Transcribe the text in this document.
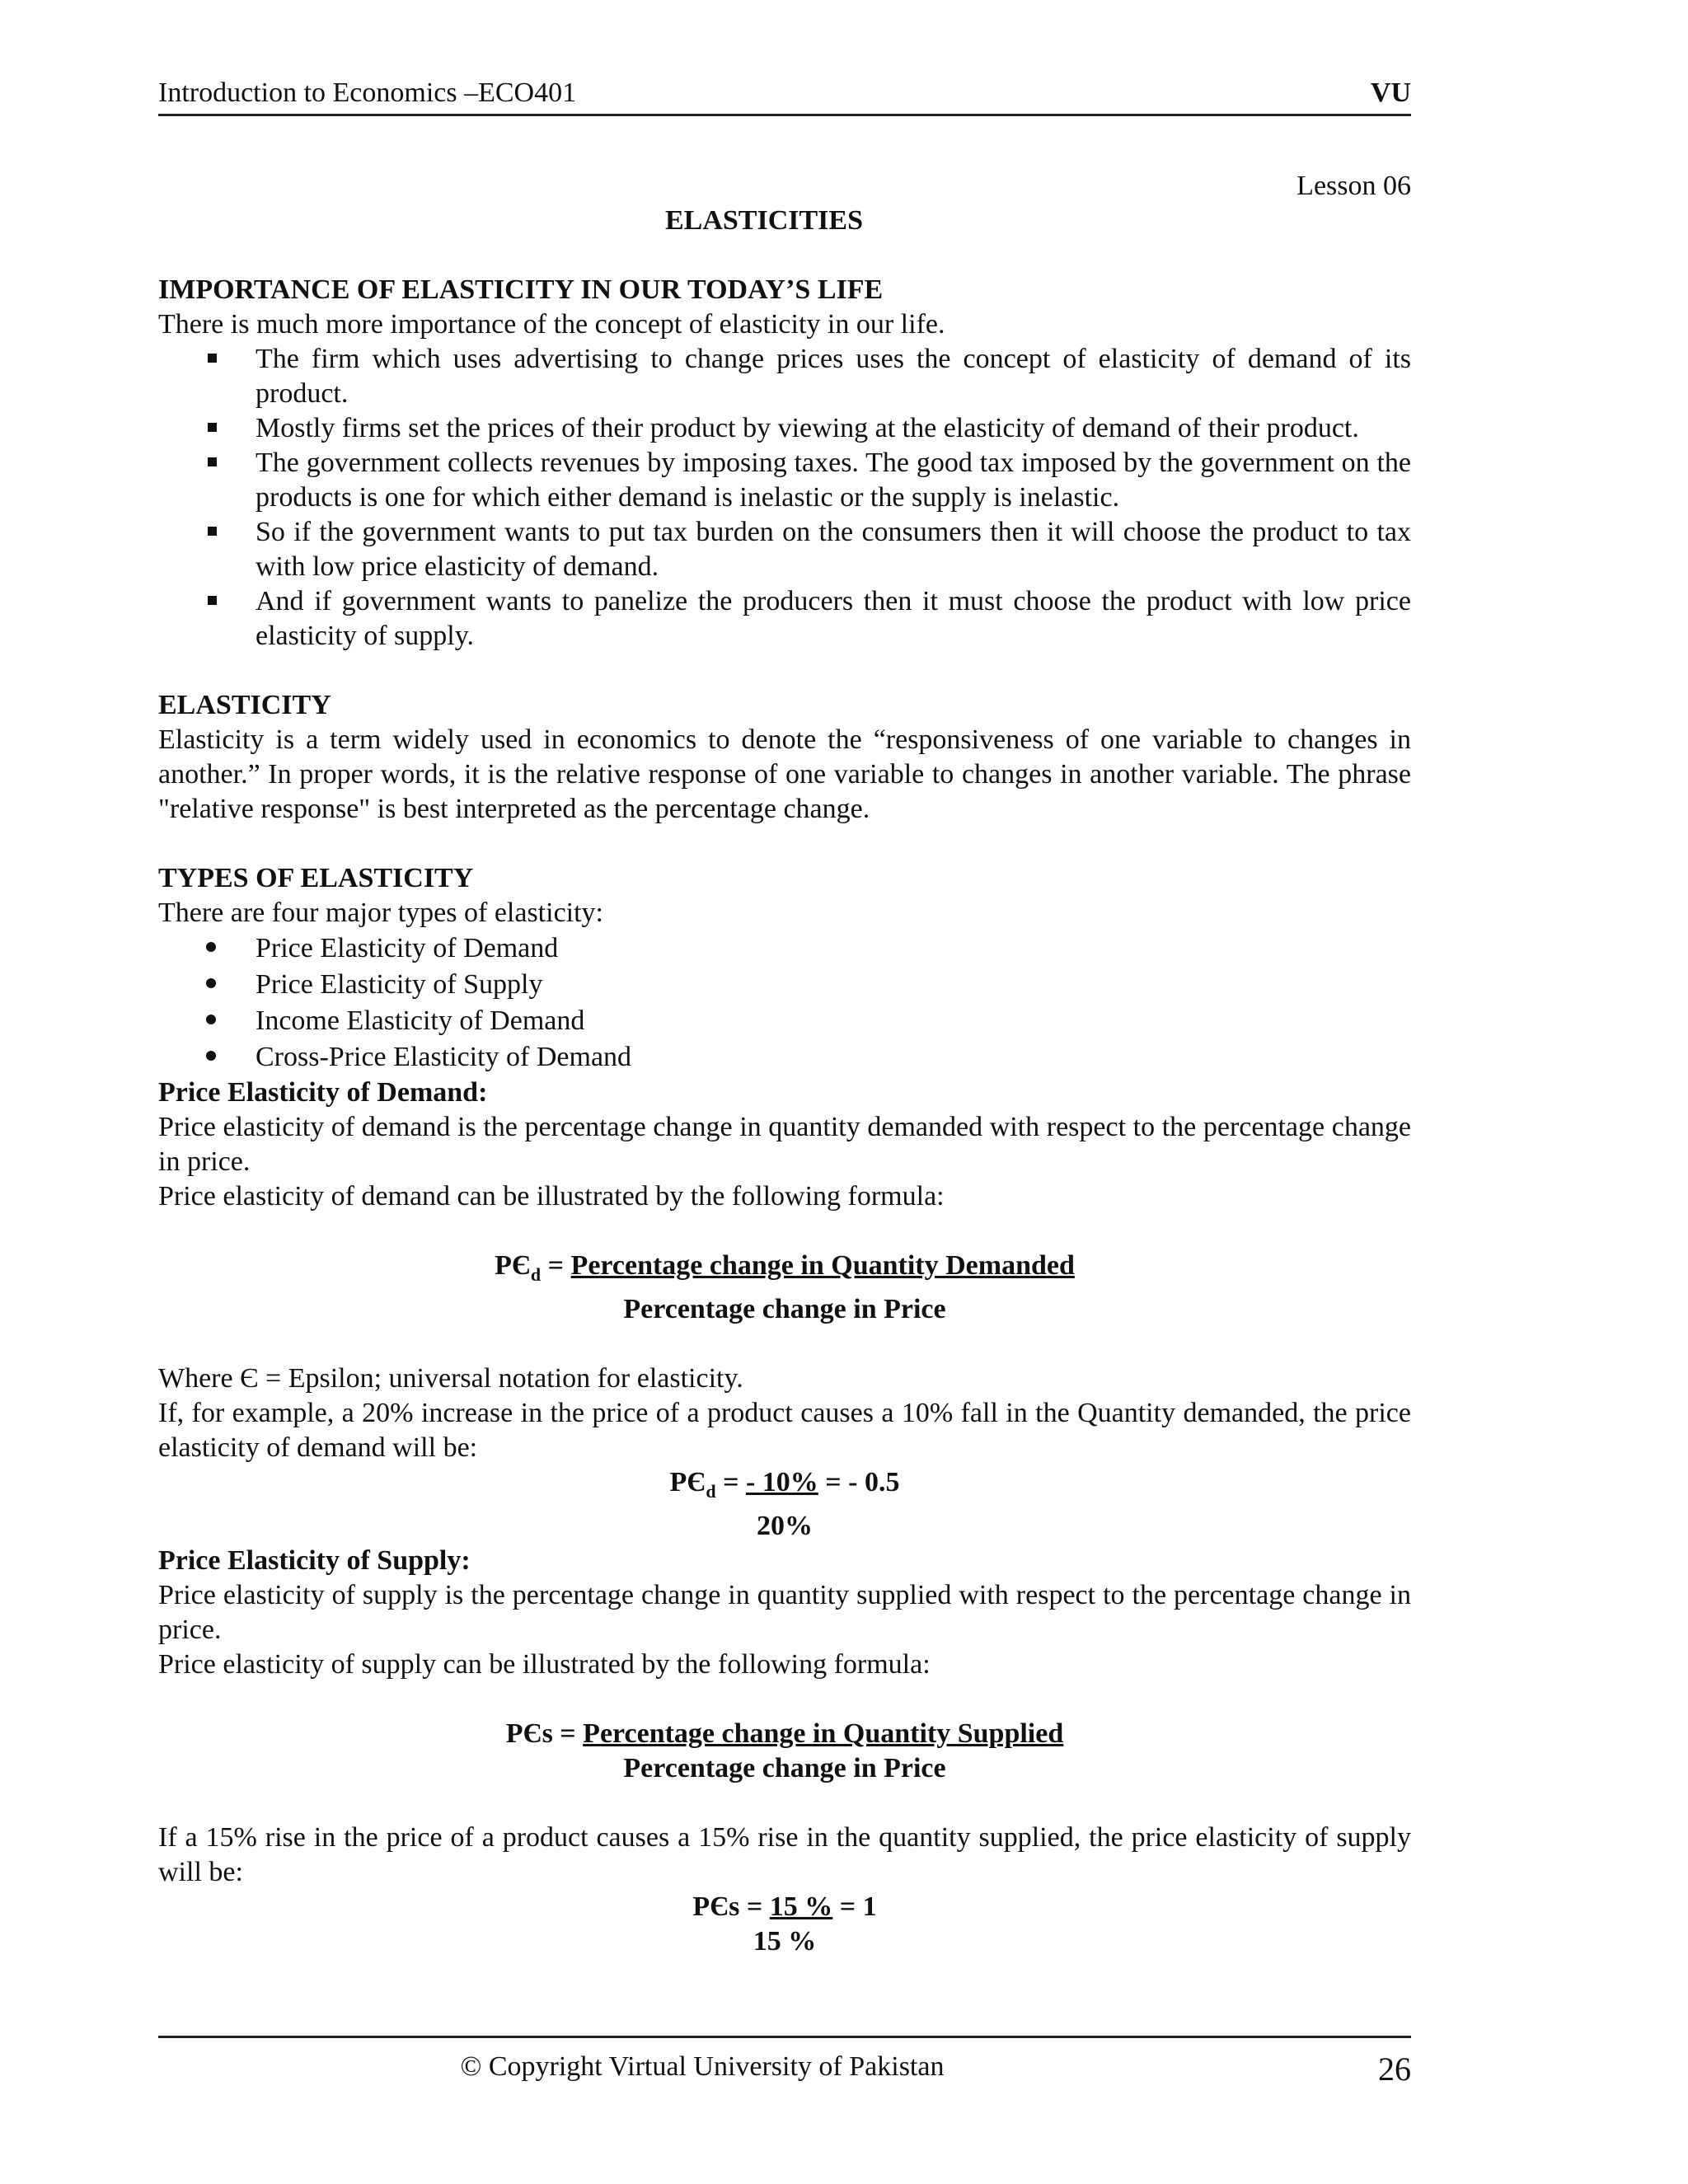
Introduction to Economics –ECO401	VU
Lesson 06
ELASTICITIES
IMPORTANCE OF ELASTICITY IN OUR TODAY’S LIFE
There is much more importance of the concept of elasticity in our life.
The firm which uses advertising to change prices uses the concept of elasticity of demand of its product.
Mostly firms set the prices of their product by viewing at the elasticity of demand of their product.
The government collects revenues by imposing taxes. The good tax imposed by the government on the products is one for which either demand is inelastic or the supply is inelastic.
So if the government wants to put tax burden on the consumers then it will choose the product to tax with low price elasticity of demand.
And if government wants to panelize the producers then it must choose the product with low price elasticity of supply.
ELASTICITY
Elasticity is a term widely used in economics to denote the “responsiveness of one variable to changes in another.” In proper words, it is the relative response of one variable to changes in another variable. The phrase "relative response" is best interpreted as the percentage change.
TYPES OF ELASTICITY
There are four major types of elasticity:
Price Elasticity of Demand
Price Elasticity of Supply
Income Elasticity of Demand
Cross-Price Elasticity of Demand
Price Elasticity of Demand:
Price elasticity of demand is the percentage change in quantity demanded with respect to the percentage change in price.
Price elasticity of demand can be illustrated by the following formula:
$PЄ_d$ = Percentage change in Quantity Demanded
Percentage change in Price
Where Є = Epsilon; universal notation for elasticity.
If, for example, a 20% increase in the price of a product causes a 10% fall in the Quantity demanded, the price elasticity of demand will be:
$PЄ_d$ = - 10% = - 0.5
20%
Price Elasticity of Supply:
Price elasticity of supply is the percentage change in quantity supplied with respect to the percentage change in price.
Price elasticity of supply can be illustrated by the following formula:
PЄs = Percentage change in Quantity Supplied
Percentage change in Price
If a 15% rise in the price of a product causes a 15% rise in the quantity supplied, the price elasticity of supply will be:
PЄs = 15 % = 1
15 %
© Copyright Virtual University of Pakistan	26
